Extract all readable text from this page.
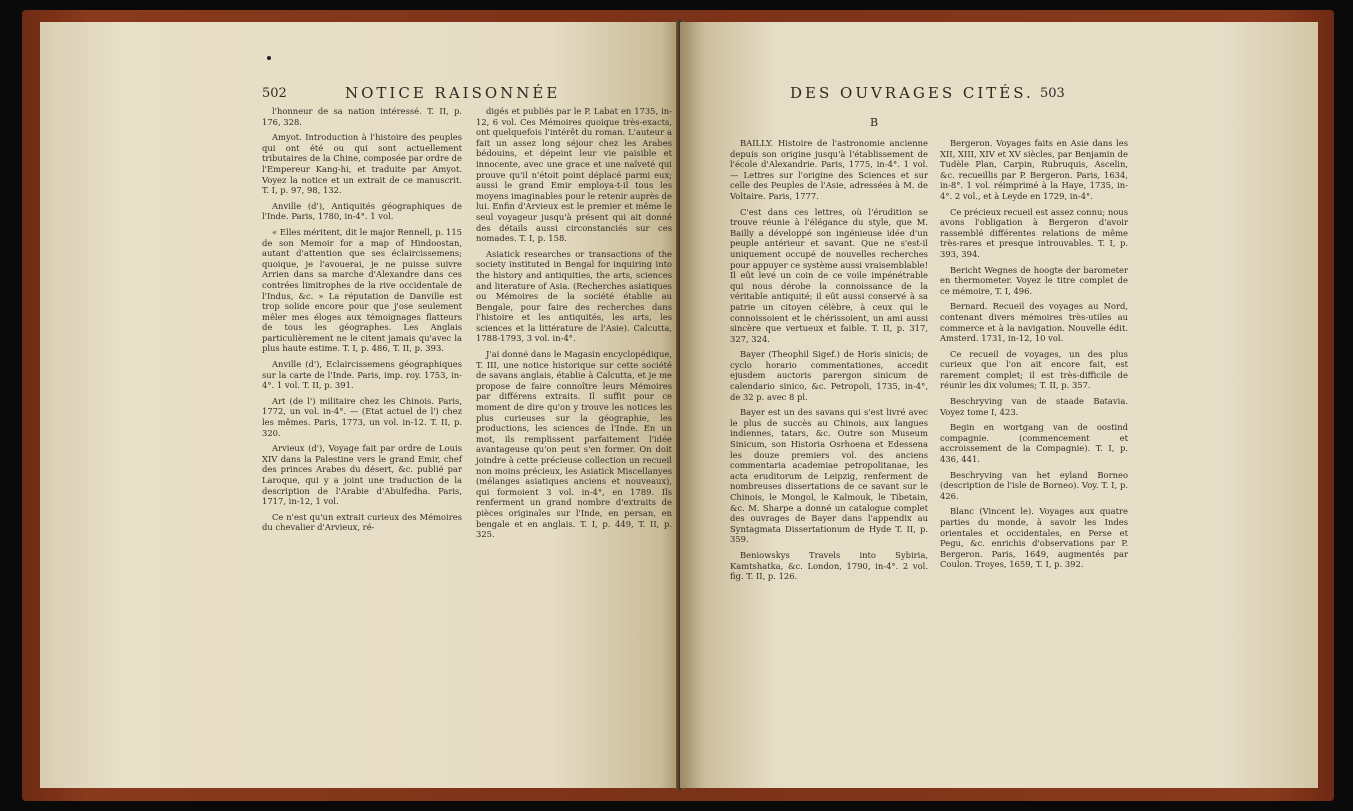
502	NOTICE RAISONNÉE

l'honneur de sa nation intéressé. T. II, p. 176, 328.

Amyot. Introduction à l'histoire des peuples qui ont été ou qui sont actuellement tributaires de la Chine, composée par ordre de l'Empereur Kang-hi, et traduite par Amyot. Voyez la notice et un extrait de ce manuscrit. T. I, p. 97, 98, 132.

Anville (d'), Antiquités géographiques de l'Inde. Paris, 1780, in-4°. 1 vol.

« Elles méritent, dit le major Rennell, p. 115 de son Memoir for a map of Hindoostan, autant d'attention que ses éclaircissemens; quoique, je l'avouerai, je ne puisse suivre Arrien dans sa marche d'Alexandre dans ces contrées limitrophes de la rive occidentale de l'Indus, &c. » La réputation de Danville est trop solide encore pour que j'ose seulement mêler mes éloges aux témoignages flatteurs de tous les géographes. Les Anglais particulièrement ne le citent jamais qu'avec la plus haute estime. T. I, p. 486, T. II, p. 393.

Anville (d'), Eclaircissemens géographiques sur la carte de l'Inde. Paris, imp. roy. 1753, in-4°. 1 vol. T. II, p. 391.

Art (de l') militaire chez les Chinois. Paris, 1772, un vol. in-4°. — (Etat actuel de l') chez les mêmes. Paris, 1773, un vol. in-12. T. II, p. 320.

Arvieux (d'), Voyage fait par ordre de Louis XIV dans la Palestine vers le grand Emir, chef des princes Arabes du désert, &c. publié par Laroque, qui y a joint une traduction de la description de l'Arabie d'Abulfedha. Paris, 1717, in-12, 1 vol.

Ce n'est qu'un extrait curieux des Mémoires du chevalier d'Arvieux, ré-

digés et publiés par le P. Labat en 1735, in-12, 6 vol. Ces Mémoires quoique très-exacts, ont quelquefois l'intérêt du roman. L'auteur a fait un assez long séjour chez les Arabes bédouins, et dépeint leur vie paisible et innocente, avec une grace et une naïveté qui prouve qu'il n'étoit point déplacé parmi eux; aussi le grand Emir employa-t-il tous les moyens imaginables pour le retenir auprès de lui. Enfin d'Arvieux est le premier et même le seul voyageur jusqu'à présent qui ait donné des détails aussi circonstanciés sur ces nomades. T. I, p. 158.

Asiatick researches or transactions of the society instituted in Bengal for inquiring into the history and antiquities, the arts, sciences and literature of Asia. (Recherches asiatiques ou Mémoires de la société établie au Bengale, pour faire des recherches dans l'histoire et les antiquités, les arts, les sciences et la littérature de l'Asie). Calcutta, 1788-1793, 3 vol. in-4°.

J'ai donné dans le Magasin encyclopédique, T. III, une notice historique sur cette société de savans anglais, établie à Calcutta, et je me propose de faire connoître leurs Mémoires par différens extraits. Il suffit pour ce moment de dire qu'on y trouve les notices les plus curieuses sur la géographie, les productions, les sciences de l'Inde. En un mot, ils remplissent parfaitement l'idée avantageuse qu'on peut s'en former. On doit joindre à cette précieuse collection un recueil non moins précieux, les Asiatick Miscellanyes (mélanges asiatiques anciens et nouveaux), qui formoient 3 vol. in-4°, en 1789. Ils renferment un grand nombre d'extraits de pièces originales sur l'Inde, en persan, en bengale et en anglais. T. I, p. 449, T. II, p. 325.

DES OUVRAGES CITÉS. 503
B

BAILLY. Histoire de l'astronomie ancienne depuis son origine jusqu'à l'établissement de l'école d'Alexandrie. Paris, 1775, in-4°. 1 vol. — Lettres sur l'origine des Sciences et sur celle des Peuples de l'Asie, adressées à M. de Voltaire. Paris, 1777.

C'est dans ces lettres, où l'érudition se trouve réunie à l'élégance du style, que M. Bailly a développé son ingénieuse idée d'un peuple antérieur et savant. Que ne s'est-il uniquement occupé de nouvelles recherches pour appuyer ce système aussi vraisemblable! Il eût levé un coin de ce voile impénétrable qui nous dérobe la connoissance de la véritable antiquité; il eût aussi conservé à sa patrie un citoyen célèbre, à ceux qui le connoissoient et le chérissoient, un ami aussi sincère que vertueux et faible. T. II, p. 317, 327, 324.

Bayer (Theophil Sigef.) de Horis sinicis; de cyclo horario commentationes, accedit ejusdem auctoris parergon sinicum de calendario sinico, &c. Petropoli, 1735, in-4°, de 32 p. avec 8 pl.

Bayer est un des savans qui s'est livré avec le plus de succès au Chinois, aux langues indiennes, tatars, &c. Outre son Museum Sinicum, son Historia Osrhoena et Edessena les douze premiers vol. des anciens commentaria academiae petropolitanae, les acta eruditorum de Leipzig, renferment de nombreuses dissertations de ce savant sur le Chinois, le Mongol, le Kalmouk, le Tibetain, &c. M. Sharpe a donné un catalogue complet des ouvrages de Bayer dans l'appendix au Syntagmata Dissertationum de Hyde T. II, p. 359.

Beniowskys Travels into Sybiria, Kamtshatka, &c. London, 1790, in-4°. 2 vol. fig. T. II, p. 126.

Bergeron. Voyages faits en Asie dans les XII, XIII, XIV et XV siècles, par Benjamin de Tudèle Plan, Carpin, Rubruquis, Ascelin, &c. recueillis par P. Bergeron. Paris, 1634, in-8°. 1 vol. réimprimé à la Haye, 1735, in-4°. 2 vol., et à Leyde en 1729, in-4°.

Ce précieux recueil est assez connu; nous avons l'obligation à Bergeron d'avoir rassemblé différentes relations de même très-rares et presque introuvables. T. I, p. 393, 394.

Bericht Wegnes de hoogte der barometer en thermometer. Voyez le titre complet de ce mémoire, T. I, 496.

Bernard. Recueil des voyages au Nord, contenant divers mémoires très-utiles au commerce et à la navigation. Nouvelle édit. Amsterd. 1731, in-12, 10 vol.

Ce recueil de voyages, un des plus curieux que l'on ait encore fait, est rarement complet; il est très-difficile de réunir les dix volumes; T. II, p. 357.

Beschryving van de staade Batavia. Voyez tome I, 423.

Begin en wortgang van de oostind compagnie. (commencement et accroissement de la Compagnie). T. I, p. 436, 441.

Beschryving van het eyland Borneo (description de l'isle de Borneo). Voy. T. I, p. 426.

Blanc (Vincent le). Voyages aux quatre parties du monde, à savoir les Indes orientales et occidentales, en Perse et Pegu, &c. enrichis d'observations par P. Bergeron. Paris, 1649, augmentés par Coulon. Troyes, 1659, T. I, p. 392.
